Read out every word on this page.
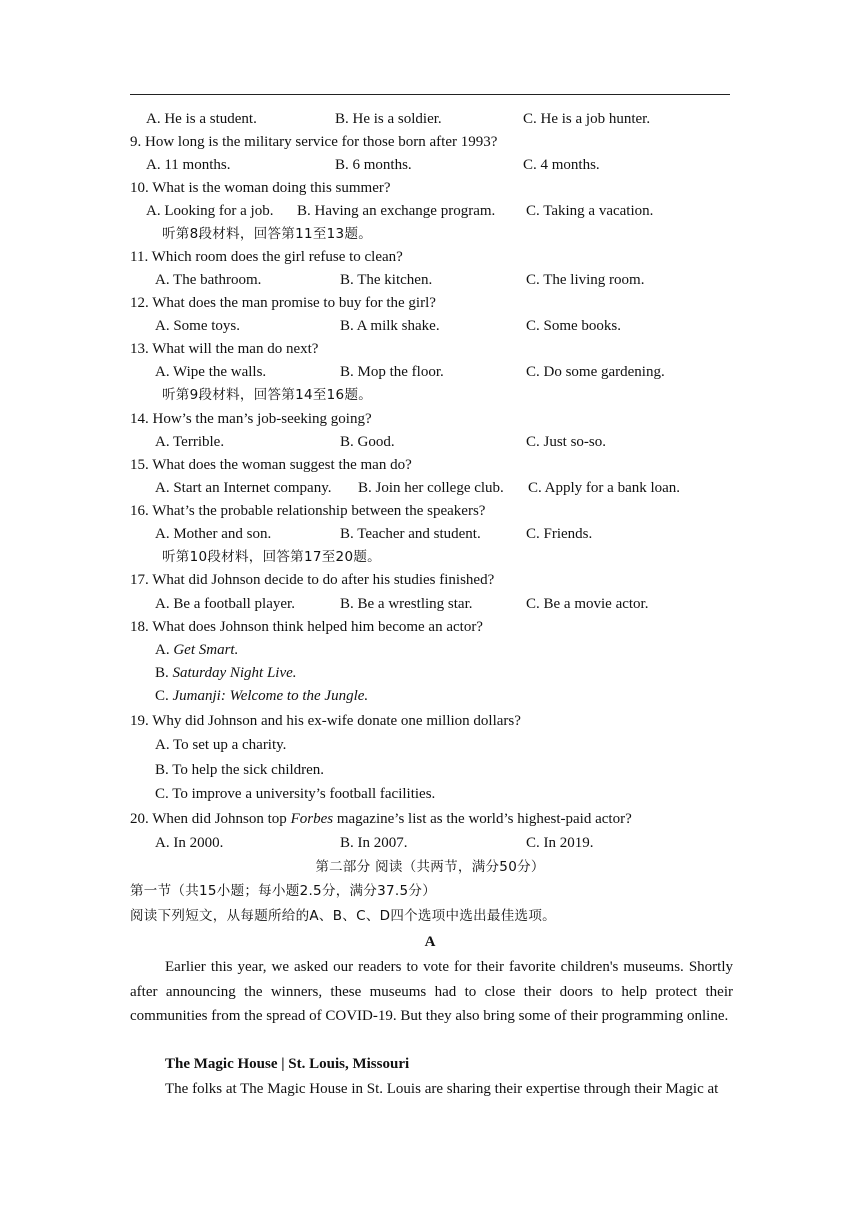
A. He is a student.	B. He is a soldier.	C. He is a job hunter.
9. How long is the military service for those born after 1993?
A. 11 months.	B. 6 months.	C. 4 months.
10. What is the woman doing this summer?
A. Looking for a job. B. Having an exchange program. C. Taking a vacation.
听第8段材料，回答第11至13题。
11. Which room does the girl refuse to clean?
A. The bathroom.	B. The kitchen.	C. The living room.
12. What does the man promise to buy for the girl?
A. Some toys.	B. A milk shake.	C. Some books.
13. What will the man do next?
A. Wipe the walls.	B. Mop the floor.	C. Do some gardening.
听第9段材料，回答第14至16题。
14. How’s the man’s job-seeking going?
A. Terrible.	B. Good.	C. Just so-so.
15. What does the woman suggest the man do?
A. Start an Internet company. B. Join her college club. C. Apply for a bank loan.
16. What’s the probable relationship between the speakers?
A. Mother and son.	B. Teacher and student.	C. Friends.
听第10段材料，回答第17至20题。
17. What did Johnson decide to do after his studies finished?
A. Be a football player.	B. Be a wrestling star.	C. Be a movie actor.
18. What does Johnson think helped him become an actor?
A. Get Smart.
B. Saturday Night Live.
C. Jumanji: Welcome to the Jungle.
19. Why did Johnson and his ex-wife donate one million dollars?
A. To set up a charity.
B. To help the sick children.
C. To improve a university’s football facilities.
20. When did Johnson top Forbes magazine’s list as the world’s highest-paid actor?
A. In 2000.	B. In 2007.	C. In 2019.
第二部分 阅读（共两节，满分50分）
第一节（共15小题；每小题2.5分，满分37.5分）
阅读下列短文，从每题所给的A、B、C、D四个选项中选出最佳选项。
A
Earlier this year, we asked our readers to vote for their favorite children's museums. Shortly after announcing the winners, these museums had to close their doors to help protect their communities from the spread of COVID-19. But they also bring some of their programming online.
The Magic House | St. Louis, Missouri
The folks at The Magic House in St. Louis are sharing their expertise through their Magic at
